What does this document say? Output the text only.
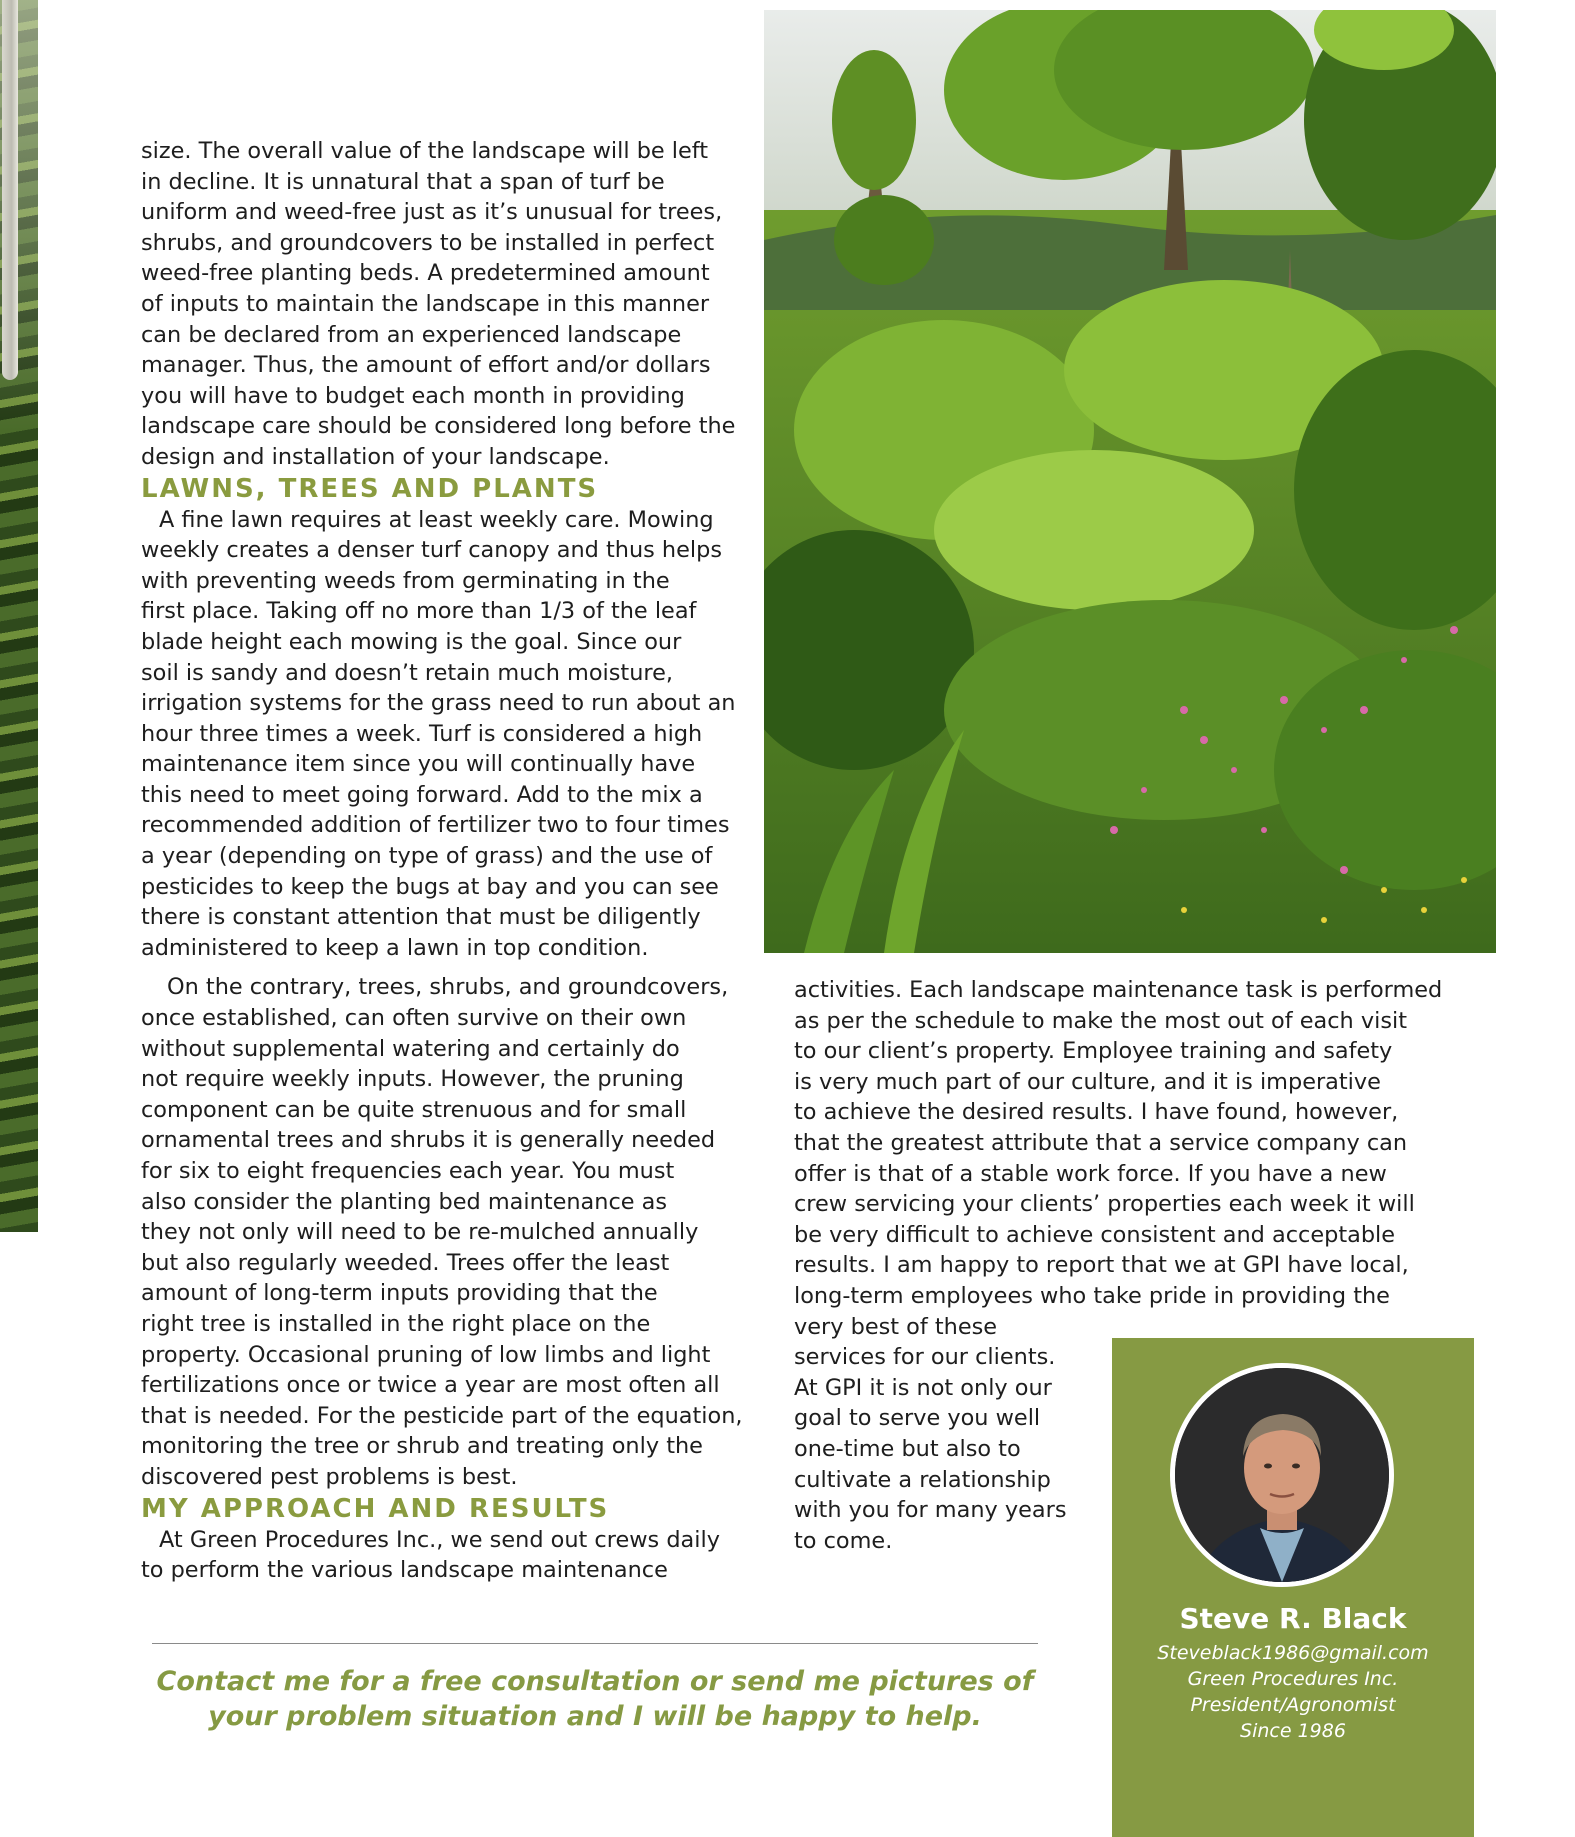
size. The overall value of the landscape will be left

in decline. It is unnatural that a span of turf be

uniform and weed-free just as it’s unusual for trees,

shrubs, and groundcovers to be installed in perfect

weed-free planting beds. A predetermined amount

of inputs to maintain the landscape in this manner

can be declared from an experienced landscape

manager. Thus, the amount of effort and/or dollars

you will have to budget each month in providing

landscape care should be considered long before the

design and installation of your landscape.

LAWNS, TREES AND PLANTS

A fine lawn requires at least weekly care. Mowing

weekly creates a denser turf canopy and thus helps

with preventing weeds from germinating in the

first place. Taking off no more than 1/3 of the leaf

blade height each mowing is the goal. Since our

soil is sandy and doesn’t retain much moisture,

irrigation systems for the grass need to run about an

hour three times a week. Turf is considered a high

maintenance item since you will continually have

this need to meet going forward. Add to the mix a

recommended addition of fertilizer two to four times

a year (depending on type of grass) and the use of

pesticides to keep the bugs at bay and you can see

there is constant attention that must be diligently

administered to keep a lawn in top condition.

On the contrary, trees, shrubs, and groundcovers,

once established, can often survive on their own

without supplemental watering and certainly do

not require weekly inputs. However, the pruning

component can be quite strenuous and for small

ornamental trees and shrubs it is generally needed

for six to eight frequencies each year. You must

also consider the planting bed maintenance as

they not only will need to be re-mulched annually

but also regularly weeded. Trees offer the least

amount of long-term inputs providing that the

right tree is installed in the right place on the

property. Occasional pruning of low limbs and light

fertilizations once or twice a year are most often all

that is needed. For the pesticide part of the equation,

monitoring the tree or shrub and treating only the

discovered pest problems is best.

MY APPROACH AND RESULTS

At Green Procedures Inc., we send out crews daily

to perform the various landscape maintenance

activities. Each landscape maintenance task is performed

as per the schedule to make the most out of each visit

to our client’s property. Employee training and safety

is very much part of our culture, and it is imperative

to achieve the desired results. I have found, however,

that the greatest attribute that a service company can

offer is that of a stable work force. If you have a new

crew servicing your clients’ properties each week it will

be very difficult to achieve consistent and acceptable

results. I am happy to report that we at GPI have local,

long-term employees who take pride in providing the

very best of these

services for our clients.

At GPI it is not only our

goal to serve you well

one-time but also to

cultivate a relationship

with you for many years

to come.

Steve R. Black
Steveblack1986@gmail.com
Green Procedures Inc.
President/Agronomist
Since 1986
Contact me for a free consultation or send me pictures of
your problem situation and I will be happy to help.
